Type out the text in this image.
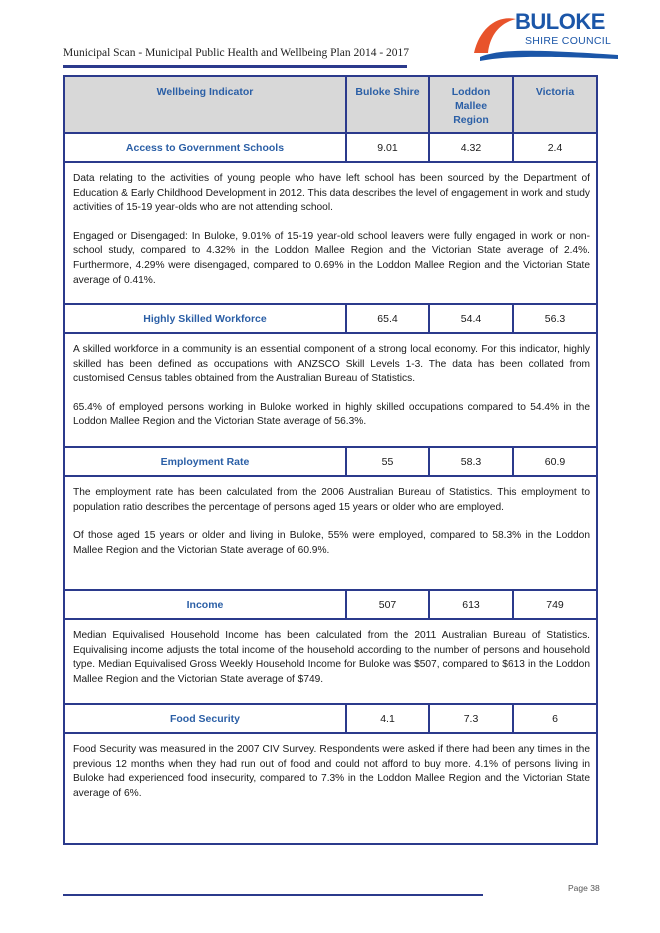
Municipal Scan - Municipal Public Health and Wellbeing Plan 2014 - 2017
BULOKE
SHIRE COUNCIL
Wellbeing Indicator	Buloke Shire	Loddon Mallee Region	Victoria
Access to Government Schools	9.01	4.32	2.4

Data relating to the activities of young people who have left school has been sourced by the Department of Education & Early Childhood Development in 2012. This data describes the level of engagement in work and study activities of 15-19 year-olds who are not attending school.

Engaged or Disengaged: In Buloke, 9.01% of 15-19 year-old school leavers were fully engaged in work or non-school study, compared to 4.32% in the Loddon Mallee Region and the Victorian State average of 2.4%. Furthermore, 4.29% were disengaged, compared to 0.69% in the Loddon Mallee Region and the Victorian State average of 0.41%.			

Highly Skilled Workforce	65.4	54.4	56.3

A skilled workforce in a community is an essential component of a strong local economy. For this indicator, highly skilled has been defined as occupations with ANZSCO Skill Levels 1-3. The data has been collated from customised Census tables obtained from the Australian Bureau of Statistics.

65.4% of employed persons working in Buloke worked in highly skilled occupations compared to 54.4% in the Loddon Mallee Region and the Victorian State average of 56.3%.			

Employment Rate	55	58.3	60.9

The employment rate has been calculated from the 2006 Australian Bureau of Statistics. This employment to population ratio describes the percentage of persons aged 15 years or older who are employed.

Of those aged 15 years or older and living in Buloke, 55% were employed, compared to 58.3% in the Loddon Mallee Region and the Victorian State average of 60.9%.			

Income	507	613	749

Median Equivalised Household Income has been calculated from the 2011 Australian Bureau of Statistics. Equivalising income adjusts the total income of the household according to the number of persons and household type. Median Equivalised Gross Weekly Household Income for Buloke was $507, compared to $613 in the Loddon Mallee Region and the Victorian State average of $749.			

Food Security	4.1	7.3	6

Food Security was measured in the 2007 CIV Survey. Respondents were asked if there had been any times in the previous 12 months when they had run out of food and could not afford to buy more. 4.1% of persons living in Buloke had experienced food insecurity, compared to 7.3% in the Loddon Mallee Region and the Victorian State average of 6%.			

Page 38
